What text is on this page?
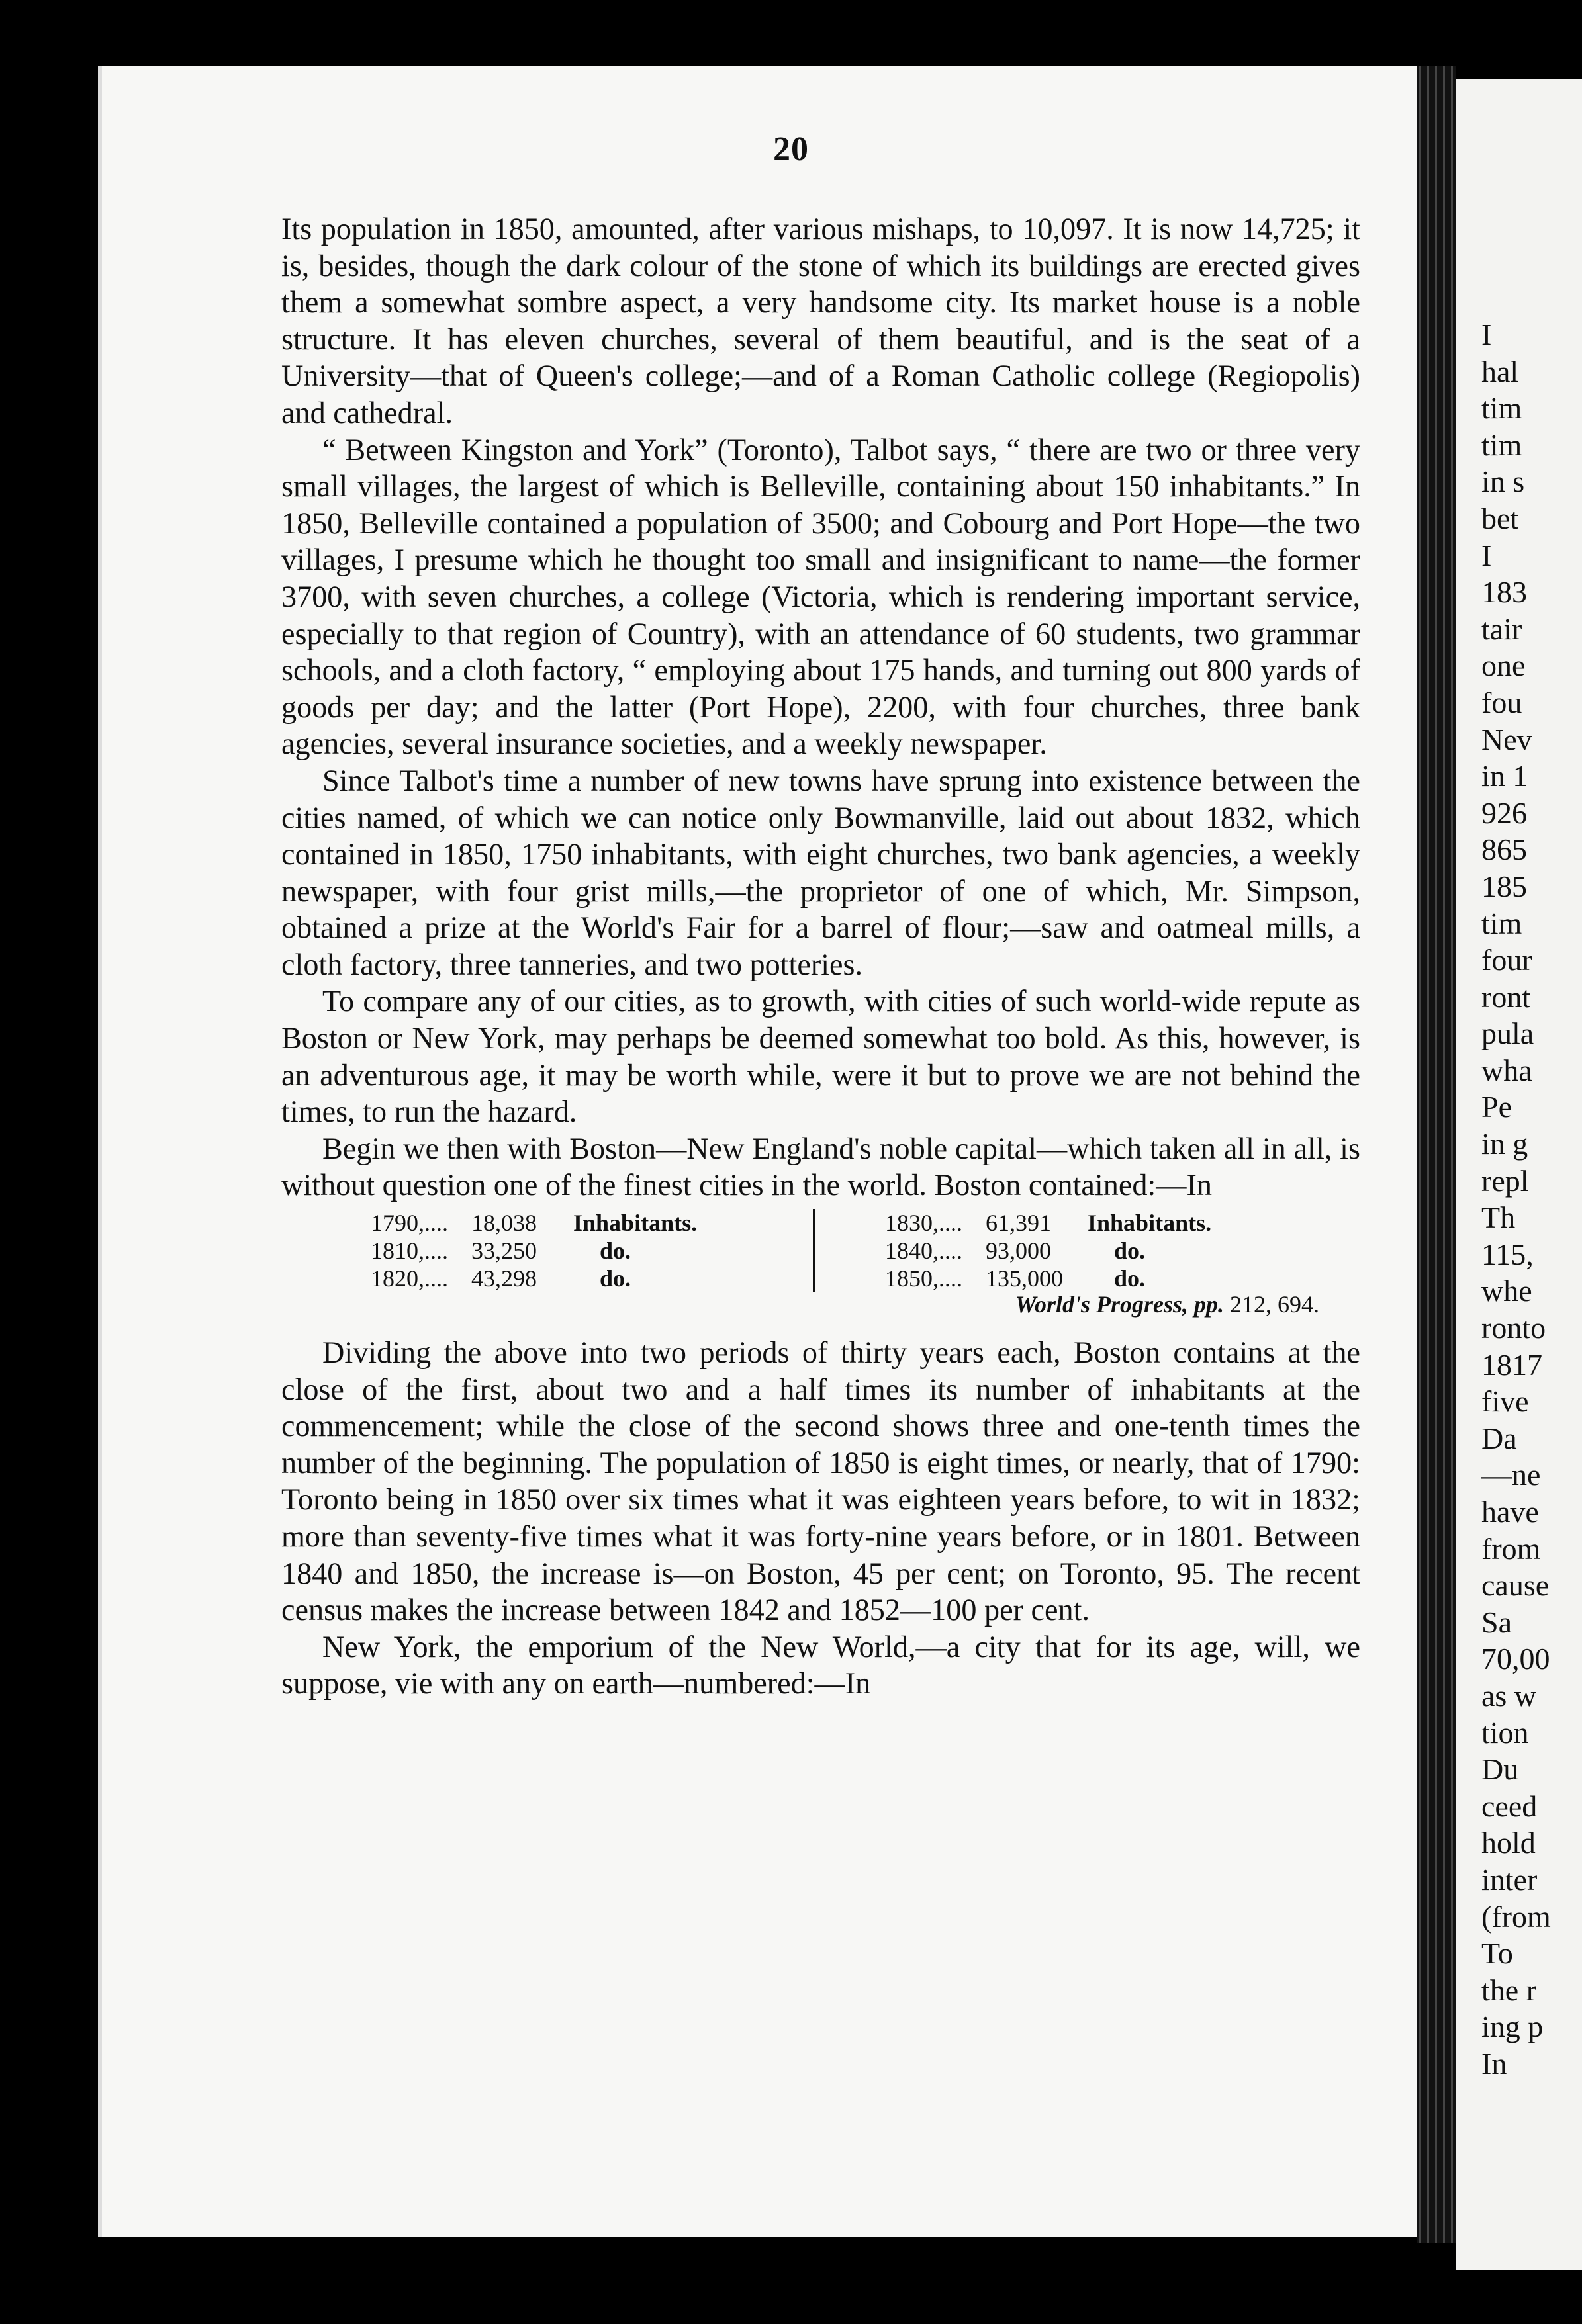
I
hal
tim
tim
in s
bet
I
183
tair
one
fou
Nev
in 1
926
865
185
tim
four
ront
pula
wha
Pe
in g
repl
Th
115,
whe
ronto
1817
five
Da
—ne
have
from
cause
Sa
70,00
as w
tion
Du
ceed
hold
inter
(from
To
the r
ing p
In
20

Its population in 1850, amounted, after various mishaps, to 10,097. It is now 14,725; it is, besides, though the dark colour of the stone of which its buildings are erected gives them a somewhat sombre aspect, a very handsome city. Its market house is a noble structure. It has eleven churches, several of them beautiful, and is the seat of a University—that of Queen's college;—and of a Roman Catholic college (Regiopolis) and cathedral.

“ Between Kingston and York” (Toronto), Talbot says, “ there are two or three very small villages, the largest of which is Belleville, containing about 150 inhabitants.” In 1850, Belleville contained a population of 3500; and Cobourg and Port Hope—the two villages, I presume which he thought too small and insignificant to name—the former 3700, with seven churches, a college (Victoria, which is rendering important service, especially to that region of Country), with an attendance of 60 students, two grammar schools, and a cloth factory, “ employing about 175 hands, and turning out 800 yards of goods per day; and the latter (Port Hope), 2200, with four churches, three bank agencies, several insurance societies, and a weekly newspaper.

Since Talbot's time a number of new towns have sprung into existence between the cities named, of which we can notice only Bowmanville, laid out about 1832, which contained in 1850, 1750 inhabitants, with eight churches, two bank agencies, a weekly newspaper, with four grist mills,—the proprietor of one of which, Mr. Simpson, obtained a prize at the World's Fair for a barrel of flour;—saw and oatmeal mills, a cloth factory, three tanneries, and two potteries.

To compare any of our cities, as to growth, with cities of such world-wide repute as Boston or New York, may perhaps be deemed somewhat too bold. As this, however, is an adventurous age, it may be worth while, were it but to prove we are not behind the times, to run the hazard.

Begin we then with Boston—New England's noble capital—which taken all in all, is without question one of the finest cities in the world. Boston contained:—In

1790,.... 18,038 Inhabitants.
1810,.... 33,250	do.
1820,.... 43,298	do.
1830,.... 61,391 Inhabitants.
1840,.... 93,000	do.
1850,.... 135,000 do.
World's Progress, pp. 212, 694.

Dividing the above into two periods of thirty years each, Boston contains at the close of the first, about two and a half times its number of inhabitants at the commencement; while the close of the second shows three and one-tenth times the number of the beginning. The population of 1850 is eight times, or nearly, that of 1790: Toronto being in 1850 over six times what it was eighteen years before, to wit in 1832; more than seventy-five times what it was forty-nine years before, or in 1801. Between 1840 and 1850, the increase is—on Boston, 45 per cent; on Toronto, 95. The recent census makes the increase between 1842 and 1852—100 per cent.

New York, the emporium of the New World,—a city that for its age, will, we suppose, vie with any on earth—numbered:—In
